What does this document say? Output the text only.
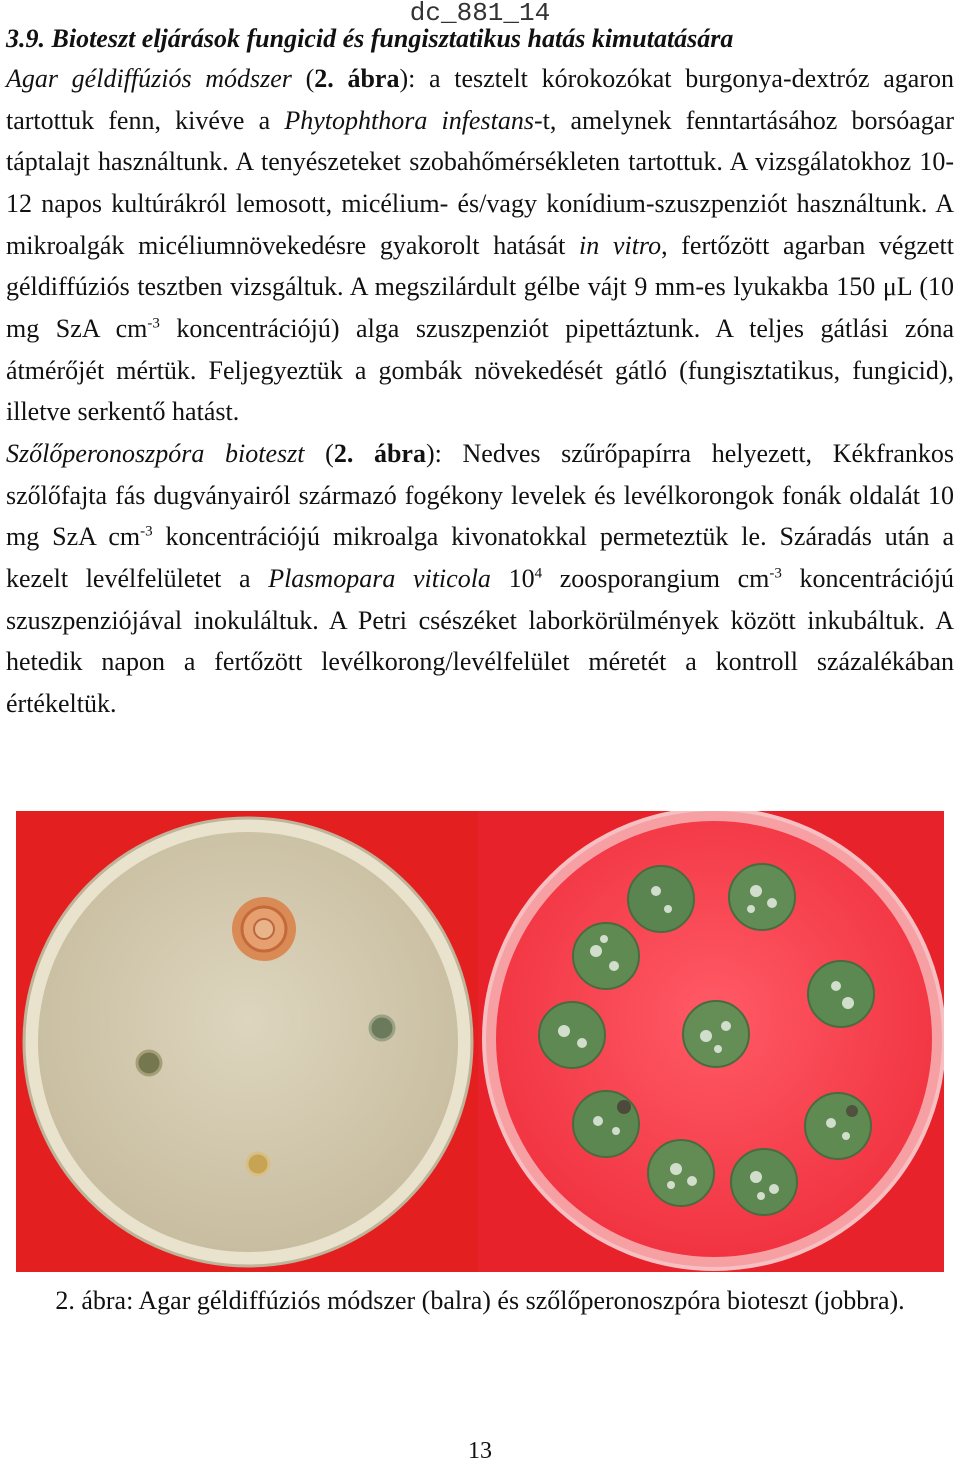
dc_881_14
3.9. Bioteszt eljárások fungicid és fungisztatikus hatás kimutatására

Agar géldiffúziós módszer (2. ábra): a tesztelt kórokozókat burgonya-dextróz agaron tartottuk fenn, kivéve a Phytophthora infestans-t, amelynek fenntartásához borsóagar táptalajt használtunk. A tenyészeteket szobahőmérsékleten tartottuk. A vizsgálatokhoz 10-12 napos kultúrákról lemosott, micélium- és/vagy konídium-szuszpenziót használtunk. A mikroalgák micéliumnövekedésre gyakorolt hatását in vitro, fertőzött agarban végzett géldiffúziós tesztben vizsgáltuk. A megszilárdult gélbe vájt 9 mm-es lyukakba 150 μL (10 mg SzA $cm^{-3}$ koncentrációjú) alga szuszpenziót pipettáztunk. A teljes gátlási zóna átmérőjét mértük. Feljegyeztük a gombák növekedését gátló (fungisztatikus, fungicid), illetve serkentő hatást.

Szőlőperonoszpóra bioteszt (2. ábra): Nedves szűrőpapírra helyezett, Kékfrankos szőlőfajta fás dugványairól származó fogékony levelek és levélkorongok fonák oldalát 10 mg SzA $cm^{-3}$ koncentrációjú mikroalga kivonatokkal permeteztük le. Száradás után a kezelt levélfelületet a Plasmopara viticola $10^4$ zoosporangium $cm^{-3}$ koncentrációjú szuszpenziójával inokuláltuk. A Petri csészéket laborkörülmények között inkubáltuk. A hetedik napon a fertőzött levélkorong/levélfelület méretét a kontroll százalékában értékeltük.

2. ábra: Agar géldiffúziós módszer (balra) és szőlőperonoszpóra bioteszt (jobbra).
13
